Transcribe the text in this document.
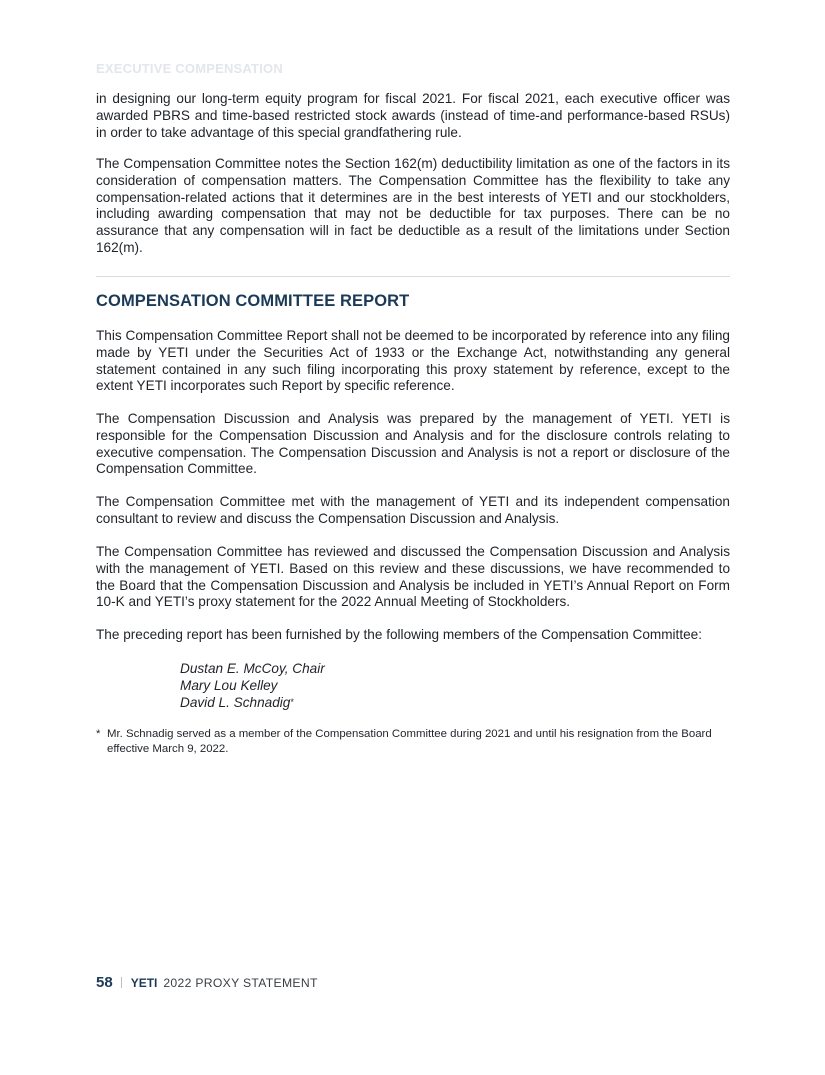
EXECUTIVE COMPENSATION

in designing our long-term equity program for fiscal 2021. For fiscal 2021, each executive officer was awarded PBRS and time-based restricted stock awards (instead of time-and performance-based RSUs) in order to take advantage of this special grandfathering rule.

The Compensation Committee notes the Section 162(m) deductibility limitation as one of the factors in its consideration of compensation matters. The Compensation Committee has the flexibility to take any compensation-related actions that it determines are in the best interests of YETI and our stockholders, including awarding compensation that may not be deductible for tax purposes. There can be no assurance that any compensation will in fact be deductible as a result of the limitations under Section 162(m).

COMPENSATION COMMITTEE REPORT

This Compensation Committee Report shall not be deemed to be incorporated by reference into any filing made by YETI under the Securities Act of 1933 or the Exchange Act, notwithstanding any general statement contained in any such filing incorporating this proxy statement by reference, except to the extent YETI incorporates such Report by specific reference.

The Compensation Discussion and Analysis was prepared by the management of YETI. YETI is responsible for the Compensation Discussion and Analysis and for the disclosure controls relating to executive compensation. The Compensation Discussion and Analysis is not a report or disclosure of the Compensation Committee.

The Compensation Committee met with the management of YETI and its independent compensation consultant to review and discuss the Compensation Discussion and Analysis.

The Compensation Committee has reviewed and discussed the Compensation Discussion and Analysis with the management of YETI. Based on this review and these discussions, we have recommended to the Board that the Compensation Discussion and Analysis be included in YETI’s Annual Report on Form 10-K and YETI’s proxy statement for the 2022 Annual Meeting of Stockholders.

The preceding report has been furnished by the following members of the Compensation Committee:

Dustan E. McCoy, Chair
Mary Lou Kelley
David L. Schnadig*
* Mr. Schnadig served as a member of the Compensation Committee during 2021 and until his resignation from the Board effective March 9, 2022.
58 YETI 2022 PROXY STATEMENT
